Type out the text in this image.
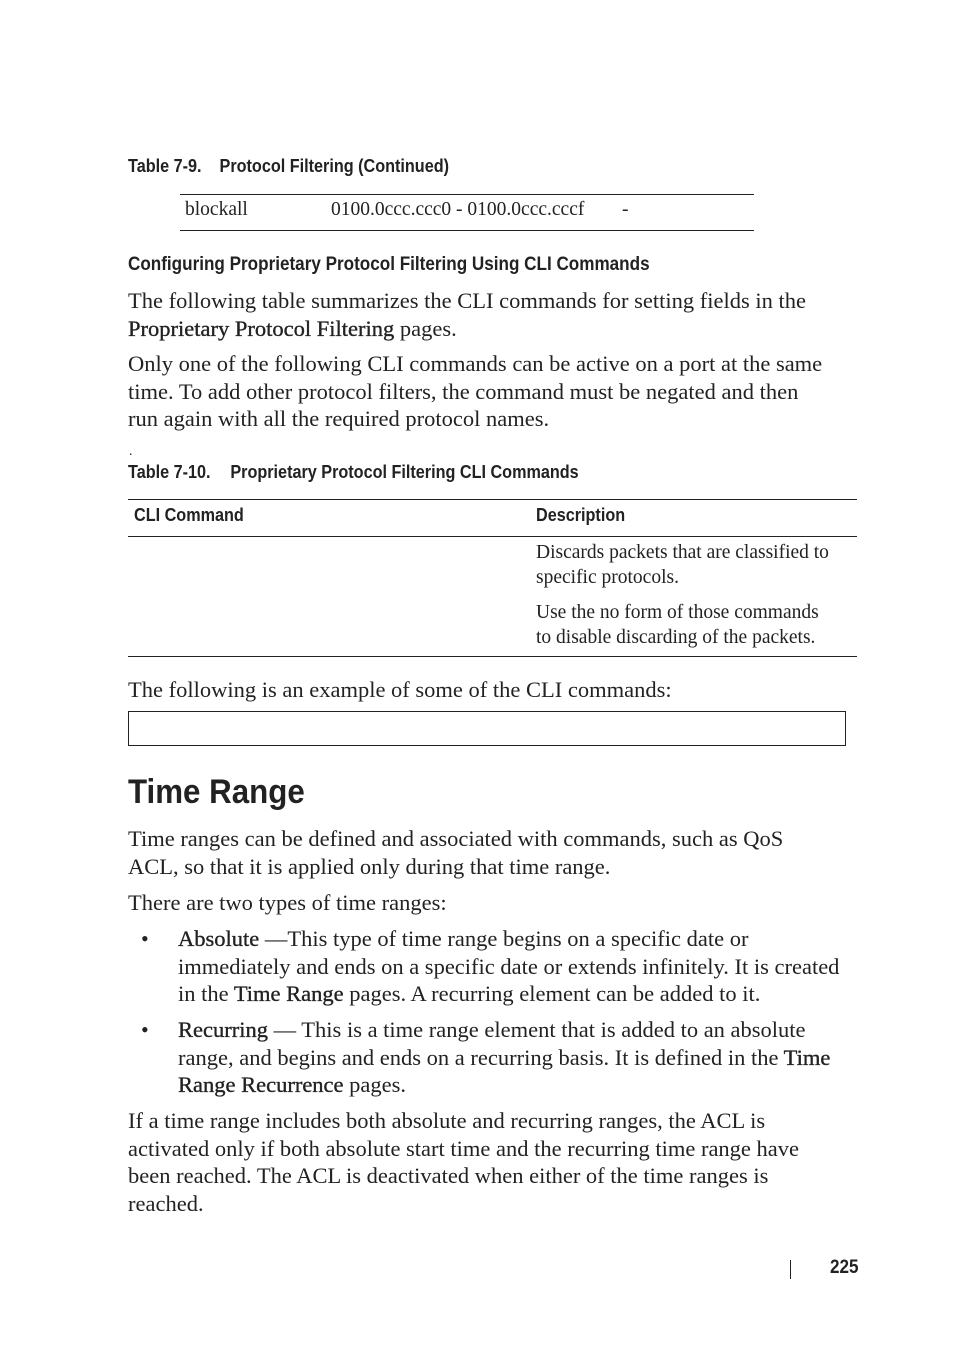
Table 7-9. Protocol Filtering (Continued)
blockall	0100.0ccc.ccc0 - 0100.0ccc.cccf -
Configuring Proprietary Protocol Filtering Using CLI Commands
The following table summarizes the CLI commands for setting fields in the
Proprietary Protocol Filtering pages.
Only one of the following CLI commands can be active on a port at the same
time. To add other protocol filters, the command must be negated and then
run again with all the required protocol names.
.
Table 7-10. Proprietary Protocol Filtering CLI Commands
CLI Command	Description
Discards packets that are classified to
specific protocols.
Use the no form of those commands
to disable discarding of the packets.
The following is an example of some of the CLI commands:
Time Range
Time ranges can be defined and associated with commands, such as QoS
ACL, so that it is applied only during that time range.
There are two types of time ranges:
• Absolute —This type of time range begins on a specific date or
immediately and ends on a specific date or extends infinitely. It is created
in the Time Range pages. A recurring element can be added to it.
• Recurring — This is a time range element that is added to an absolute
range, and begins and ends on a recurring basis. It is defined in the Time
Range Recurrence pages.
If a time range includes both absolute and recurring ranges, the ACL is
activated only if both absolute start time and the recurring time range have
been reached. The ACL is deactivated when either of the time ranges is
reached.
225
